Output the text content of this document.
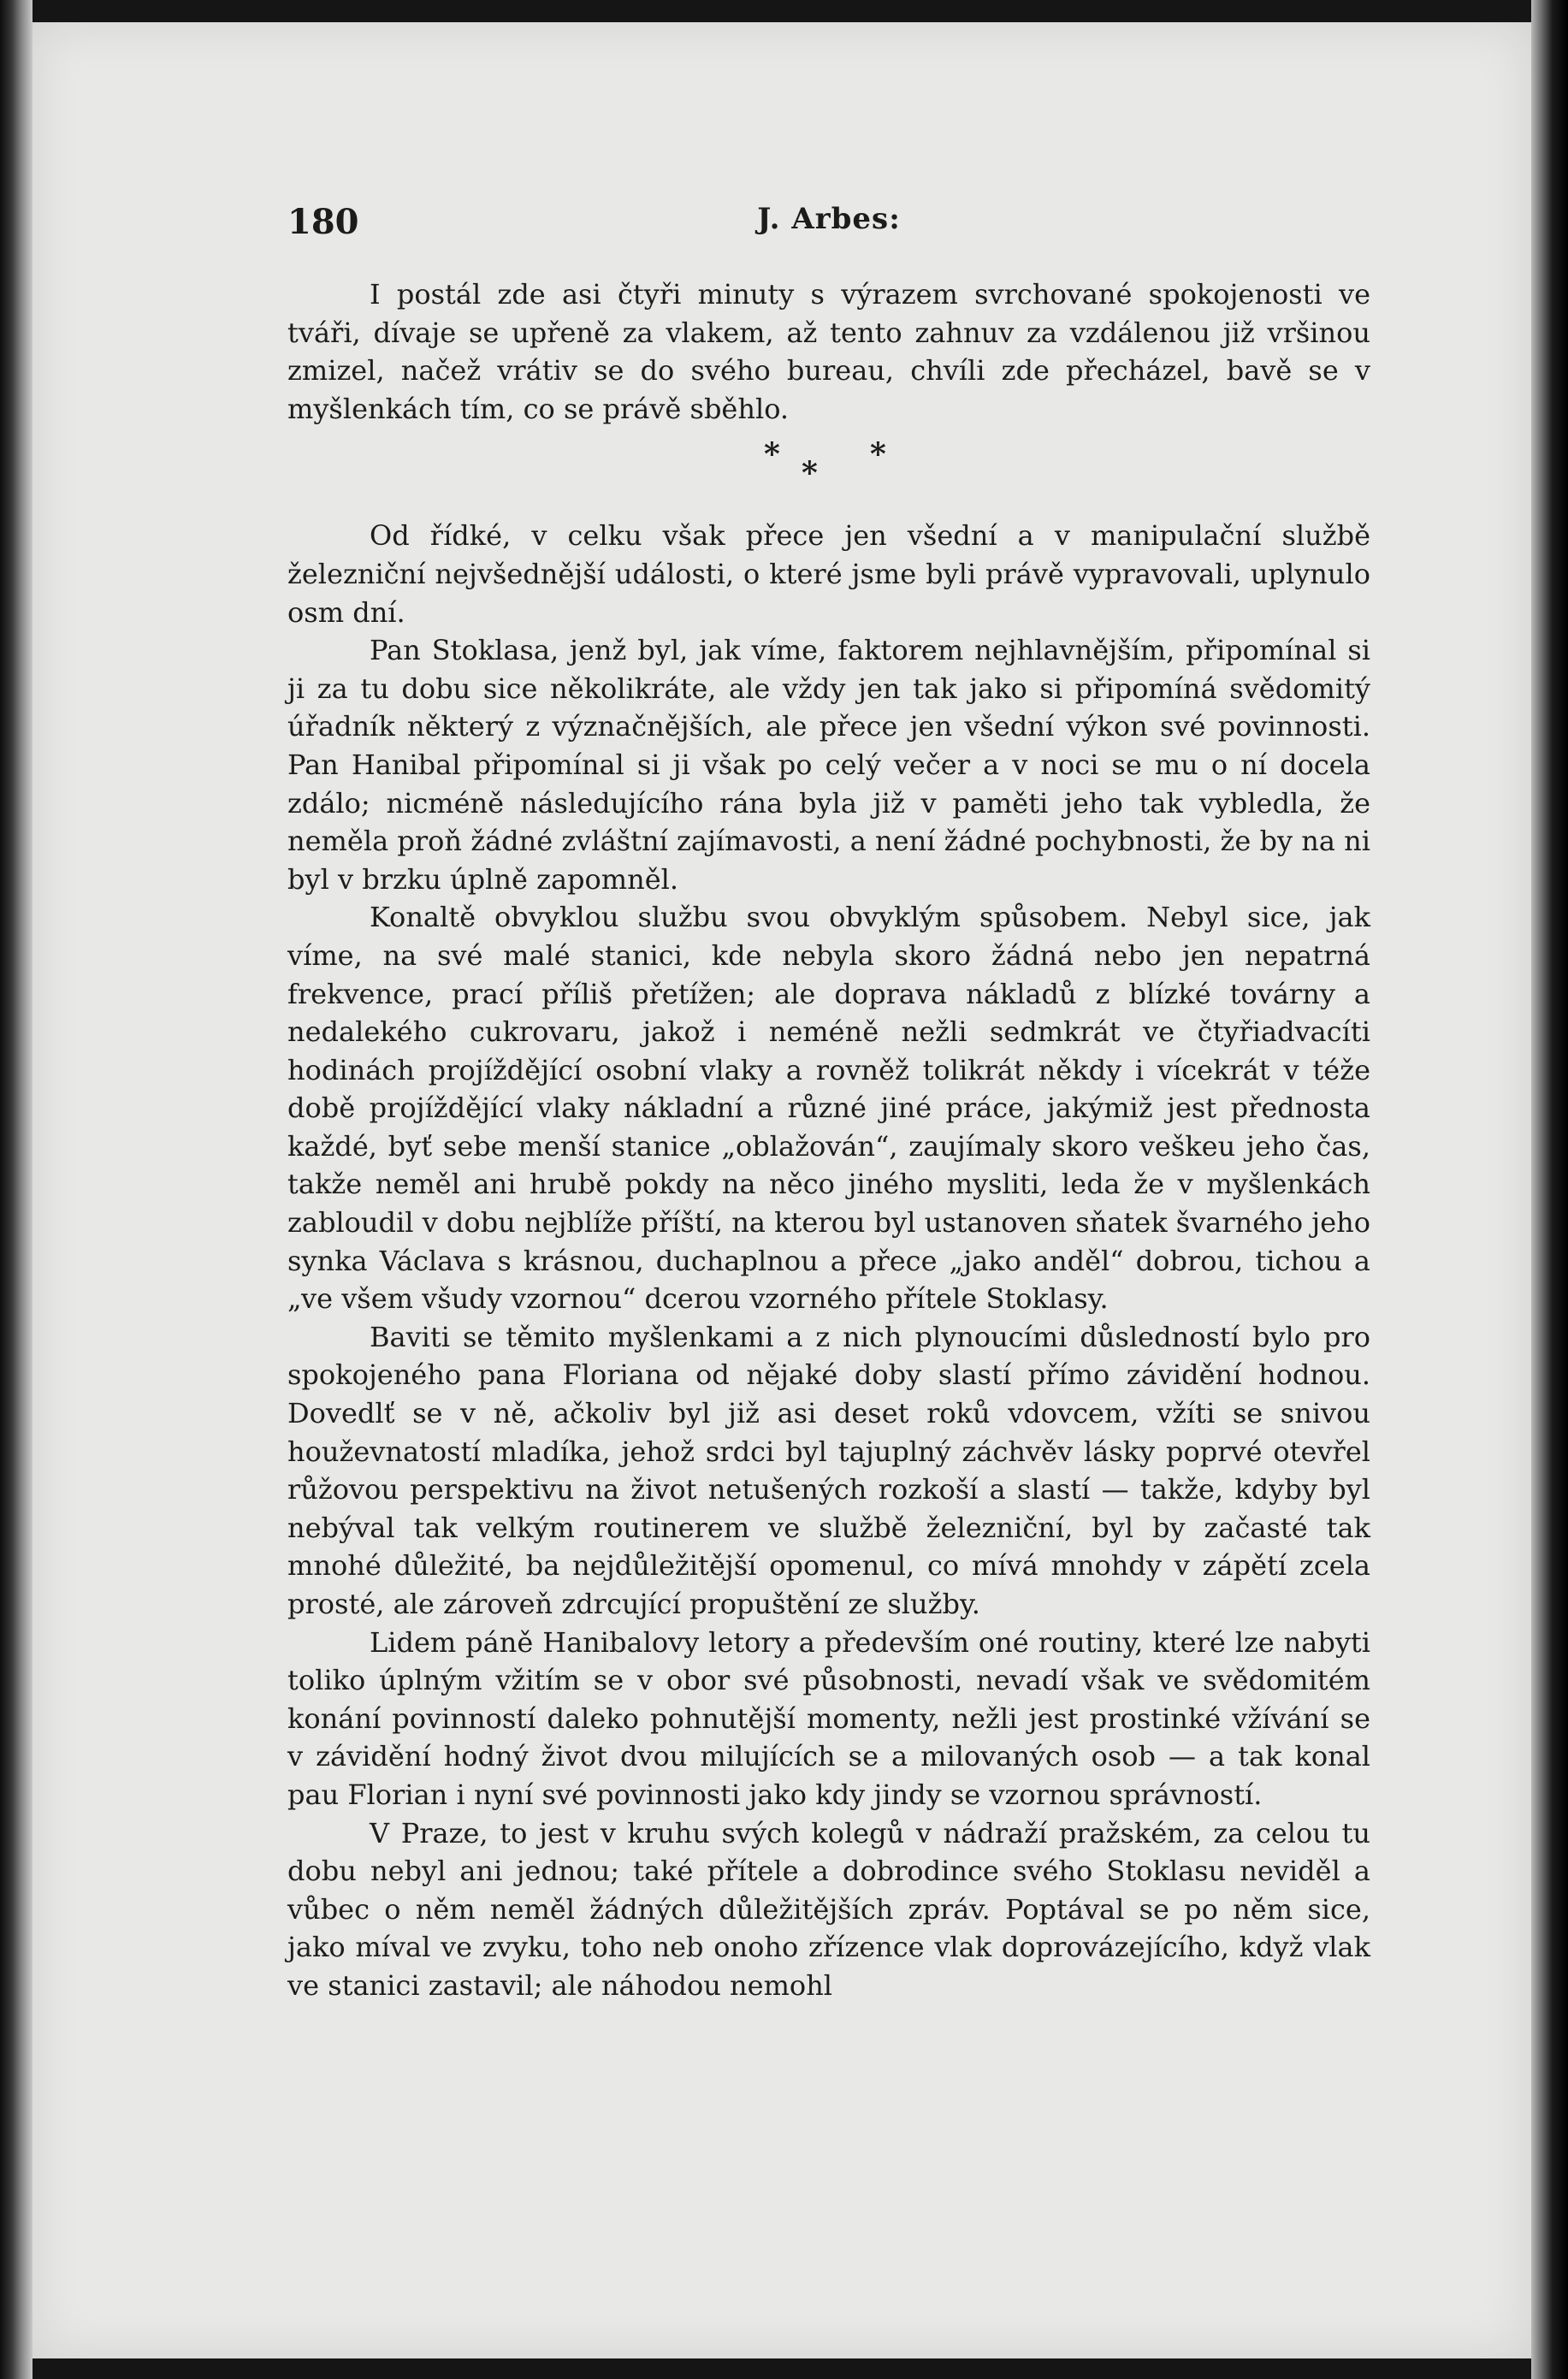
180	J. Arbes:

I postál zde asi čtyři minuty s výrazem svrchované spokojenosti ve tváři, dívaje se upřeně za vlakem, až tento zahnuv za vzdálenou již vršinou zmizel, načež vrátiv se do svého bureau, chvíli zde přecházel, bavě se v myšlenkách tím, co se právě sběhlo.

*
*
*

Od řídké, v celku však přece jen všední a v manipulační službě železniční nejvšednější události, o které jsme byli právě vypravovali, uplynulo osm dní.

Pan Stoklasa, jenž byl, jak víme, faktorem nejhlavnějším, připomínal si ji za tu dobu sice několikráte, ale vždy jen tak jako si připomíná svědomitý úřadník některý z význačnějších, ale přece jen všední výkon své povinnosti. Pan Hanibal připomínal si ji však po celý večer a v noci se mu o ní docela zdálo; nicméně následujícího rána byla již v paměti jeho tak vybledla, že neměla proň žádné zvláštní zajímavosti, a není žádné pochybnosti, že by na ni byl v brzku úplně zapomněl.

Konaltě obvyklou službu svou obvyklým spůsobem. Nebyl sice, jak víme, na své malé stanici, kde nebyla skoro žádná nebo jen nepatrná frekvence, prací příliš přetížen; ale doprava nákladů z blízké továrny a nedalekého cukrovaru, jakož i neméně nežli sedmkrát ve čtyřiadvacíti hodinách projíždějící osobní vlaky a rovněž tolikrát někdy i vícekrát v téže době projíždějící vlaky nákladní a různé jiné práce, jakýmiž jest přednosta každé, byť sebe menší stanice „oblažován“, zaujímaly skoro veškeu jeho čas, takže neměl ani hrubě pokdy na něco jiného mysliti, leda že v myšlenkách zabloudil v dobu nejblíže příští, na kterou byl ustanoven sňatek švarného jeho synka Václava s krásnou, duchaplnou a přece „jako anděl“ dobrou, tichou a „ve všem všudy vzornou“ dcerou vzorného přítele Stoklasy.

Baviti se těmito myšlenkami a z nich plynoucími důsledností bylo pro spokojeného pana Floriana od nějaké doby slastí přímo závidění hodnou. Dovedlť se v ně, ačkoliv byl již asi deset roků vdovcem, vžíti se snivou houževnatostí mladíka, jehož srdci byl tajuplný záchvěv lásky poprvé otevřel růžovou perspektivu na život netušených rozkoší a slastí — takže, kdyby byl nebýval tak velkým routinerem ve službě železniční, byl by začasté tak mnohé důležité, ba nejdůležitější opomenul, co mívá mnohdy v zápětí zcela prosté, ale zároveň zdrcující propuštění ze služby.

Lidem páně Hanibalovy letory a především oné routiny, které lze nabyti toliko úplným vžitím se v obor své působnosti, nevadí však ve svědomitém konání povinností daleko pohnutější momenty, nežli jest prostinké vžívání se v závidění hodný život dvou milujících se a milovaných osob — a tak konal pau Florian i nyní své povinnosti jako kdy jindy se vzornou správností.

V Praze, to jest v kruhu svých kolegů v nádraží pražském, za celou tu dobu nebyl ani jednou; také přítele a dobrodince svého Stoklasu neviděl a vůbec o něm neměl žádných důležitějších zpráv. Poptával se po něm sice, jako míval ve zvyku, toho neb onoho zřízence vlak doprovázejícího, když vlak ve stanici zastavil; ale náhodou nemohl
